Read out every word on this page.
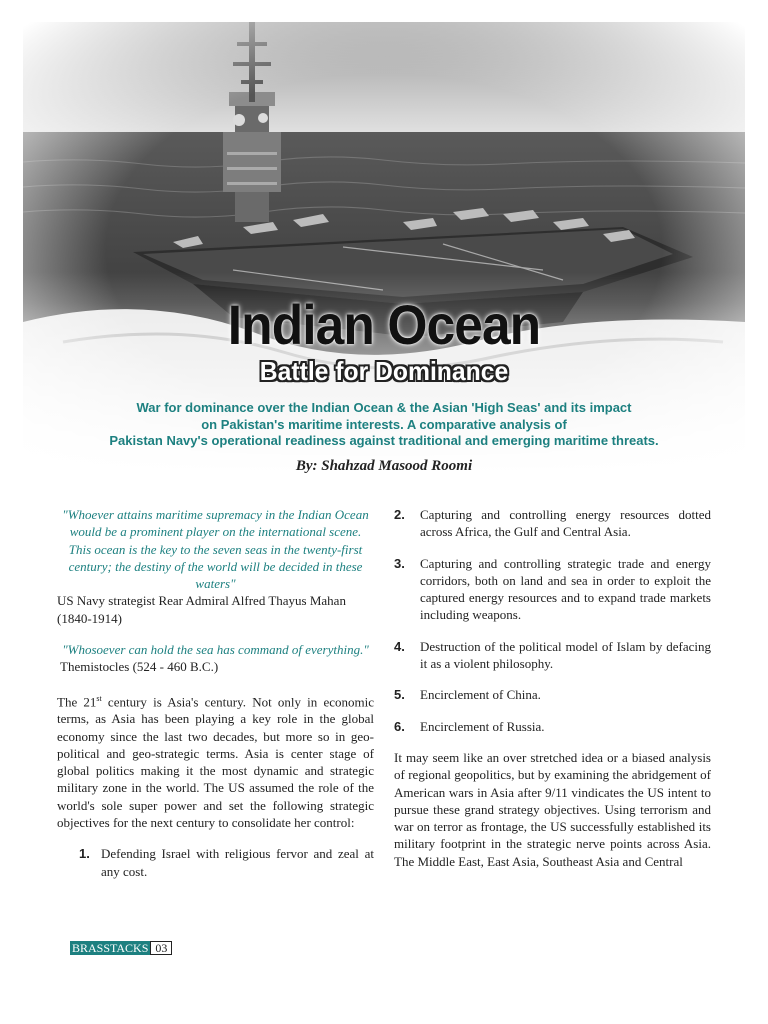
Indian Ocean
Battle for Dominance
War for dominance over the Indian Ocean & the Asian 'High Seas' and its impact
on Pakistan's maritime interests. A comparative analysis of
Pakistan Navy's operational readiness against traditional and emerging maritime threats.
By: Shahzad Masood Roomi

"Whoever attains maritime supremacy in the Indian Ocean would be a prominent player on the international scene. This ocean is the key to the seven seas in the twenty-first century; the destiny of the world will be decided in these waters"

US Navy strategist Rear Admiral Alfred Thayus Mahan (1840-1914)

"Whosoever can hold the sea has command of everything."

Themistocles (524 - 460 B.C.)

The 21st century is Asia's century. Not only in economic terms, as Asia has been playing a key role in the global economy since the last two decades, but more so in geo-political and geo-strategic terms. Asia is center stage of global politics making it the most dynamic and strategic military zone in the world. The US assumed the role of the world's sole super power and set the following strategic objectives for the next century to consolidate her control:

1. Defending Israel with religious fervor and zeal at any cost.
2. Capturing and controlling energy resources dotted across Africa, the Gulf and Central Asia.
3. Capturing and controlling strategic trade and energy corridors, both on land and sea in order to exploit the captured energy resources and to expand trade markets including weapons.
4. Destruction of the political model of Islam by defacing it as a violent philosophy.
5. Encirclement of China.
6. Encirclement of Russia.

It may seem like an over stretched idea or a biased analysis of regional geopolitics, but by examining the abridgement of American wars in Asia after 9/11 vindicates the US intent to pursue these grand strategy objectives. Using terrorism and war on terror as frontage, the US successfully established its military footprint in the strategic nerve points across Asia. The Middle East, East Asia, Southeast Asia and Central

BRASSTACKS 03
